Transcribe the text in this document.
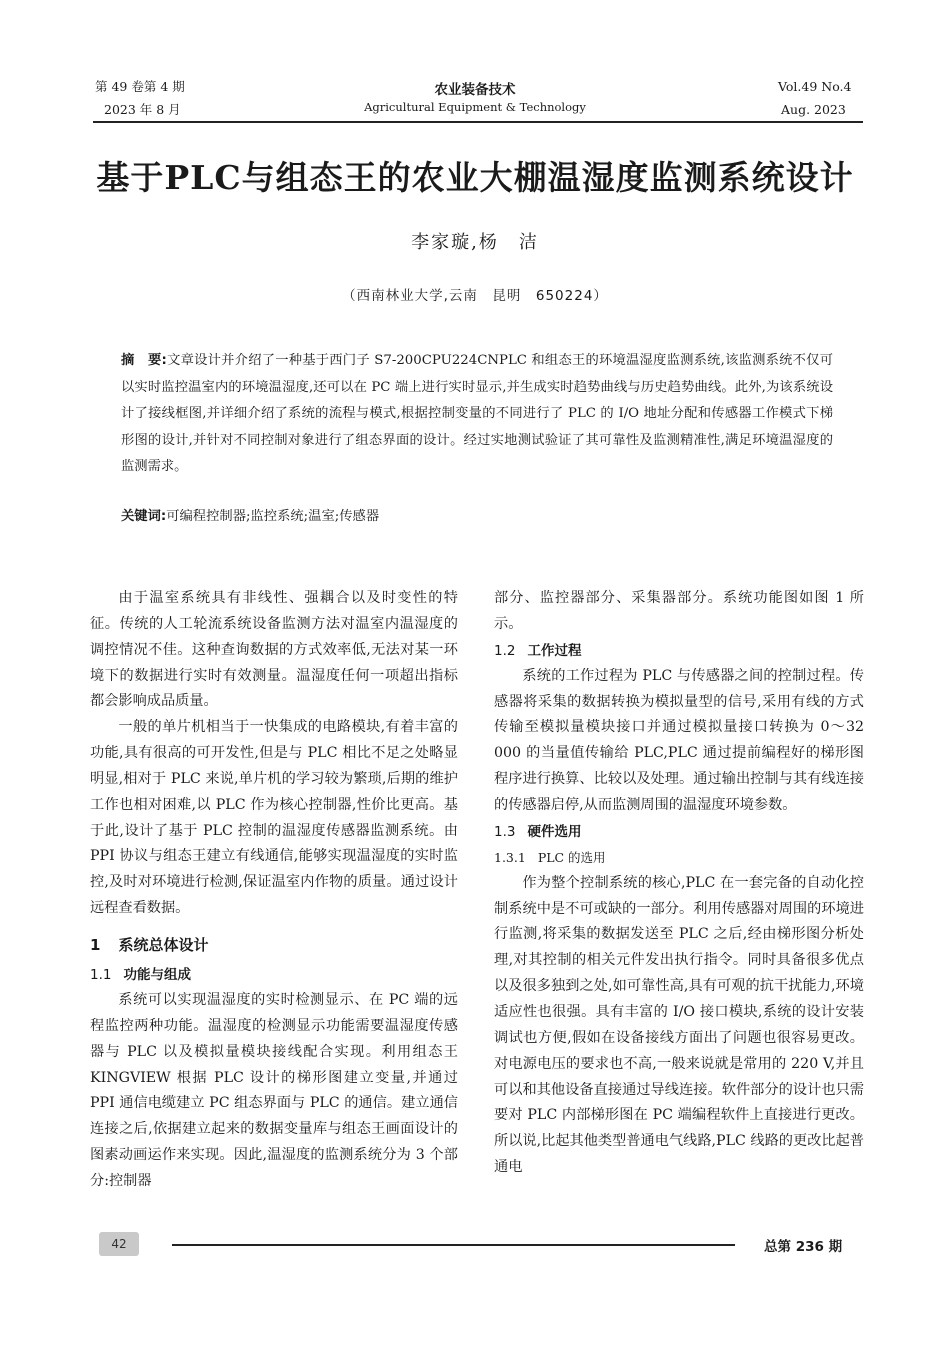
第 49 卷第 4 期
2023 年 8 月
农业装备技术
Agricultural Equipment & Technology
Vol.49 No.4
Aug. 2023
基于PLC与组态王的农业大棚温湿度监测系统设计
李家璇,杨　洁
（西南林业大学,云南　昆明　650224）
摘　要:文章设计并介绍了一种基于西门子 S7-200CPU224CNPLC 和组态王的环境温湿度监测系统,该监测系统不仅可以实时监控温室内的环境温湿度,还可以在 PC 端上进行实时显示,并生成实时趋势曲线与历史趋势曲线。此外,为该系统设计了接线框图,并详细介绍了系统的流程与模式,根据控制变量的不同进行了 PLC 的 I/O 地址分配和传感器工作模式下梯形图的设计,并针对不同控制对象进行了组态界面的设计。经过实地测试验证了其可靠性及监测精准性,满足环境温湿度的监测需求。
关键词:可编程控制器;监控系统;温室;传感器

由于温室系统具有非线性、强耦合以及时变性的特征。传统的人工轮流系统设备监测方法对温室内温湿度的调控情况不佳。这种查询数据的方式效率低,无法对某一环境下的数据进行实时有效测量。温湿度任何一项超出指标都会影响成品质量。

一般的单片机相当于一快集成的电路模块,有着丰富的功能,具有很高的可开发性,但是与 PLC 相比不足之处略显明显,相对于 PLC 来说,单片机的学习较为繁琐,后期的维护工作也相对困难,以 PLC 作为核心控制器,性价比更高。基于此,设计了基于 PLC 控制的温湿度传感器监测系统。由 PPI 协议与组态王建立有线通信,能够实现温湿度的实时监控,及时对环境进行检测,保证温室内作物的质量。通过设计远程查看数据。

1 系统总体设计
1.1 功能与组成

系统可以实现温湿度的实时检测显示、在 PC 端的远程监控两种功能。温湿度的检测显示功能需要温湿度传感器与 PLC 以及模拟量模块接线配合实现。利用组态王 KINGVIEW 根据 PLC 设计的梯形图建立变量,并通过 PPI 通信电缆建立 PC 组态界面与 PLC 的通信。建立通信连接之后,依据建立起来的数据变量库与组态王画面设计的图素动画运作来实现。因此,温湿度的监测系统分为 3 个部分:控制器

部分、监控器部分、采集器部分。系统功能图如图 1 所示。

1.2 工作过程

系统的工作过程为 PLC 与传感器之间的控制过程。传感器将采集的数据转换为模拟量型的信号,采用有线的方式传输至模拟量模块接口并通过模拟量接口转换为 0～32 000 的当量值传输给 PLC,PLC 通过提前编程好的梯形图程序进行换算、比较以及处理。通过输出控制与其有线连接的传感器启停,从而监测周围的温湿度环境参数。

1.3 硬件选用
1.3.1 PLC 的选用

作为整个控制系统的核心,PLC 在一套完备的自动化控制系统中是不可或缺的一部分。利用传感器对周围的环境进行监测,将采集的数据发送至 PLC 之后,经由梯形图分析处理,对其控制的相关元件发出执行指令。同时具备很多优点以及很多独到之处,如可靠性高,具有可观的抗干扰能力,环境适应性也很强。具有丰富的 I/O 接口模块,系统的设计安装调试也方便,假如在设备接线方面出了问题也很容易更改。对电源电压的要求也不高,一般来说就是常用的 220 V,并且可以和其他设备直接通过导线连接。软件部分的设计也只需要对 PLC 内部梯形图在 PC 端编程软件上直接进行更改。所以说,比起其他类型普通电气线路,PLC 线路的更改比起普通电

42	总第 236 期
